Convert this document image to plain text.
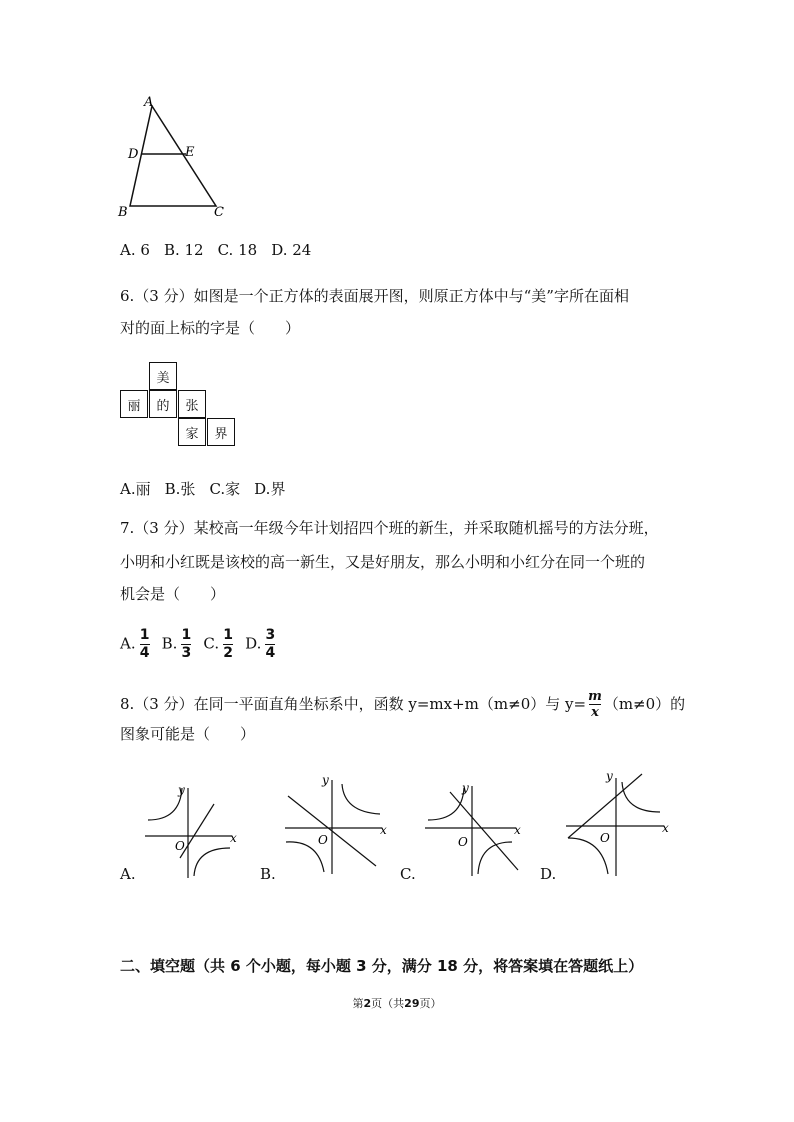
A
D	E
B	C
A. 6 B. 12 C. 18 D. 24
6.（3 分）如图是一个正方体的表面展开图，则原正方体中与“美”字所在面相
对的面上标的字是（　　）
美
丽	的	张
家	界
A.丽 B.张 C.家 D.界
7.（3 分）某校高一年级今年计划招四个班的新生，并采取随机摇号的方法分班，
小明和小红既是该校的高一新生，又是好朋友，那么小明和小红分在同一个班的
机会是（　　）
A. $\frac{1}{4} B$. $\frac{1}{3} C$. $\frac{1}{2} D$. $\frac{3}{4}$
8.（3 分）在同一平面直角坐标系中，函数 y=mx+m（m≠0）与 y= m
x （m≠0）的
图象可能是（　　）
y
x
O
A.
y
x
O
B.
y
x
O
C.
y
x
O
D.
二、填空题（共 6 个小题，每小题 3 分，满分 18 分，将答案填在答题纸上）
第2页（共29页）
